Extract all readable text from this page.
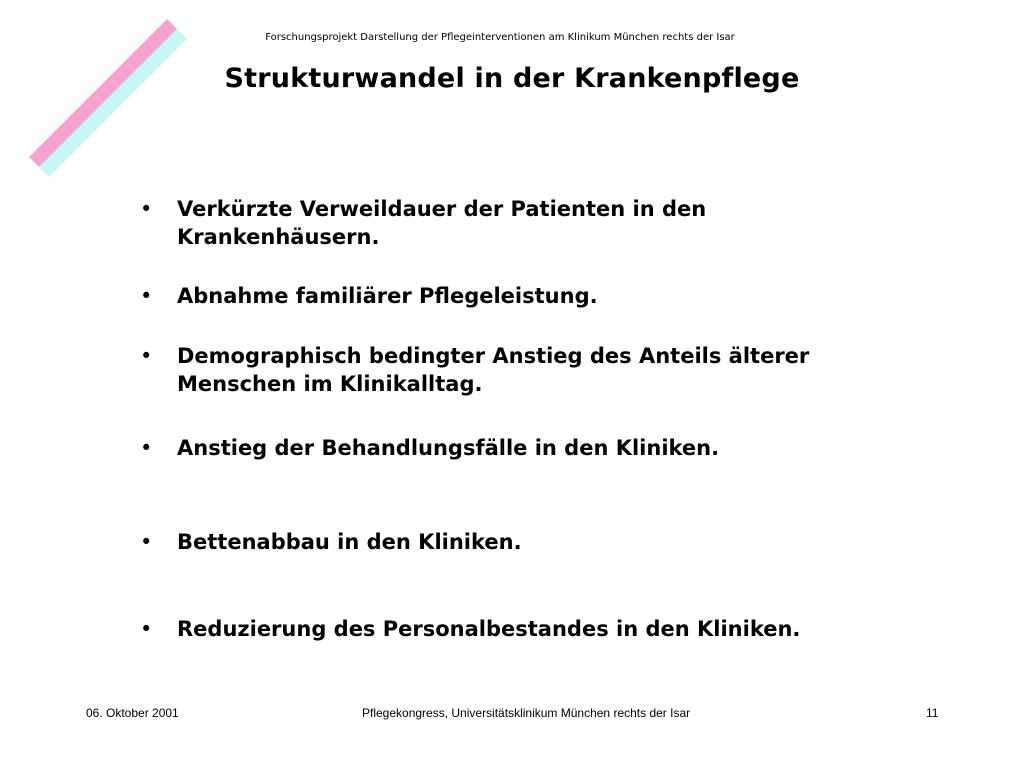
Forschungsprojekt Darstellung der Pflegeinterventionen am Klinikum München rechts der Isar
Strukturwandel in der Krankenpflege
•	Verkürzte Verweildauer der Patienten in den Krankenhäusern.
•	Abnahme familiärer Pflegeleistung.
•	Demographisch bedingter Anstieg des Anteils älterer Menschen im Klinikalltag.
•	Anstieg der Behandlungsfälle in den Kliniken.
•	Bettenabbau in den Kliniken.
•	Reduzierung des Personalbestandes in den Kliniken.
06. Oktober 2001	Pflegekongress, Universitätsklinikum München rechts der Isar	11
